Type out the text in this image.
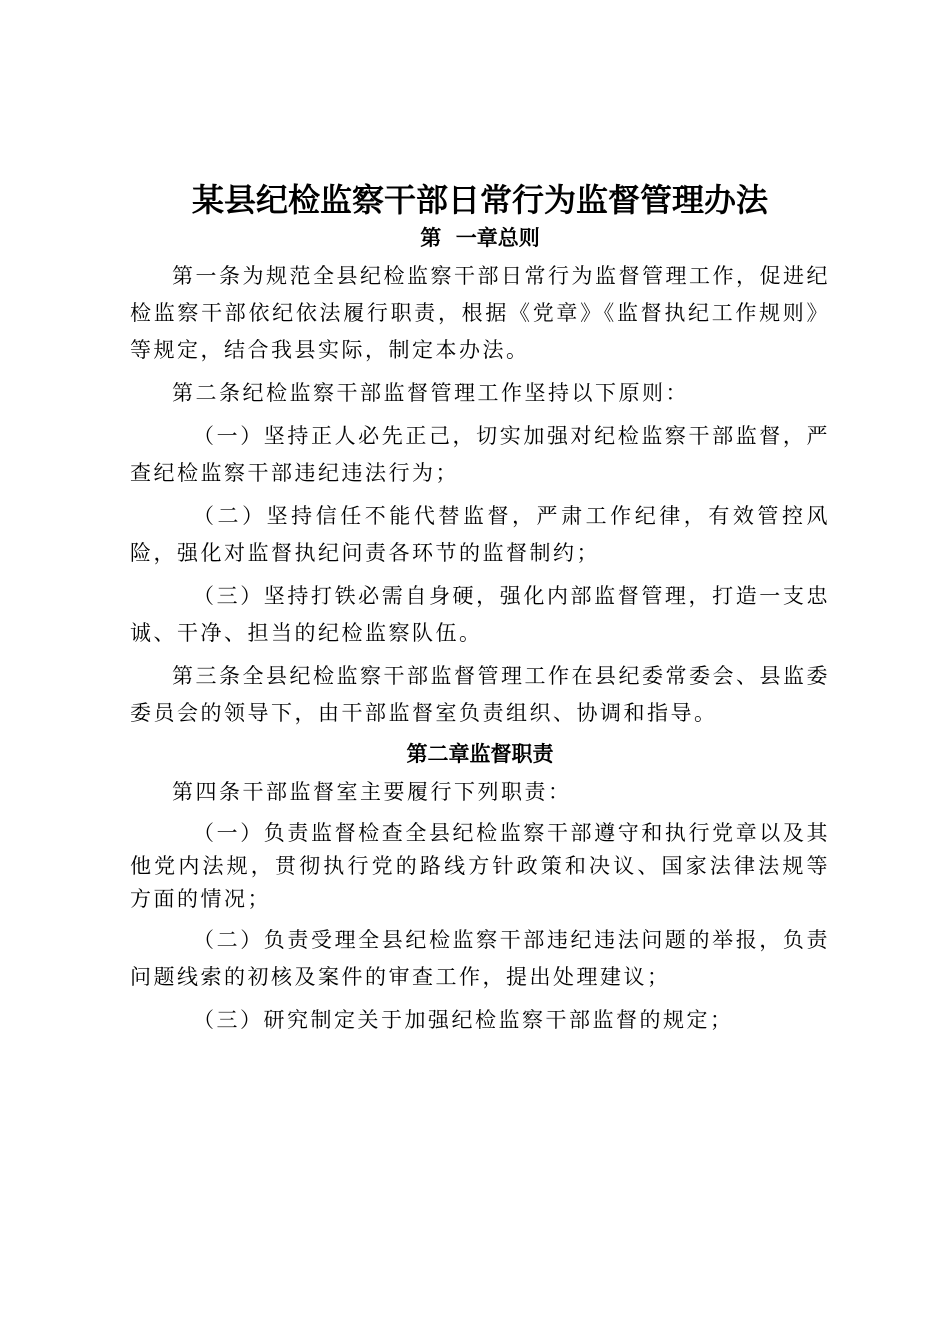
某县纪检监察干部日常行为监督管理办法
第  一章总则

第一条为规范全县纪检监察干部日常行为监督管理工作，促进纪检监察干部依纪依法履行职责，根据《党章》《监督执纪工作规则》等规定，结合我县实际，制定本办法。

第二条纪检监察干部监督管理工作坚持以下原则：

（一）坚持正人必先正己，切实加强对纪检监察干部监督，严查纪检监察干部违纪违法行为；

（二）坚持信任不能代替监督，严肃工作纪律，有效管控风险，强化对监督执纪问责各环节的监督制约；

（三）坚持打铁必需自身硬，强化内部监督管理，打造一支忠诚、干净、担当的纪检监察队伍。

第三条全县纪检监察干部监督管理工作在县纪委常委会、县监委委员会的领导下，由干部监督室负责组织、协调和指导。

第二章监督职责

第四条干部监督室主要履行下列职责：

（一）负责监督检查全县纪检监察干部遵守和执行党章以及其他党内法规，贯彻执行党的路线方针政策和决议、国家法律法规等方面的情况；

（二）负责受理全县纪检监察干部违纪违法问题的举报，负责问题线索的初核及案件的审查工作，提出处理建议；

（三）研究制定关于加强纪检监察干部监督的规定；
